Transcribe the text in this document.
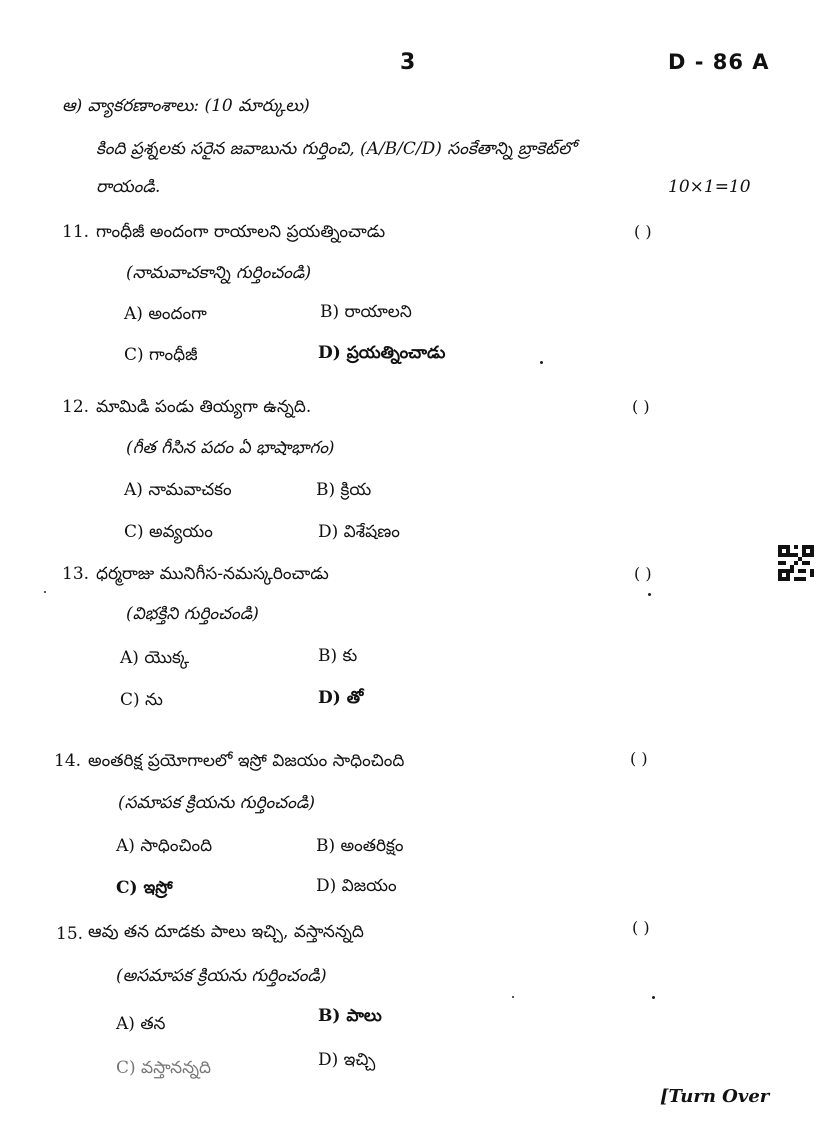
3	D - 86 A
ఆ) వ్యాకరణాంశాలు: (10 మార్కులు)
కింది ప్రశ్నలకు సరైన జవాబును గుర్తించి, (A/B/C/D) సంకేతాన్ని బ్రాకెట్‌లో
రాయండి.	10×1=10
11. గాంధీజీ అందంగా రాయాలని ప్రయత్నించాడు	( )
(నామవాచకాన్ని గుర్తించండి)
A) అందంగా	B) రాయాలని
C) గాంధీజీ	D) ప్రయత్నించాడు
12. మామిడి పండు తియ్యగా ఉన్నది.	( )
(గీత గీసిన పదం ఏ భాషాభాగం)
A) నామవాచకం	B) క్రియ
C) అవ్యయం	D) విశేషణం
13. ధర్మరాజు మునిగీస-నమస్కరించాడు	( )
(విభక్తిని గుర్తించండి)
A) యొక్క	B) కు
C) ను	D) తో
14. అంతరిక్ష ప్రయోగాలలో ఇస్రో విజయం సాధించింది	( )
(సమాపక క్రియను గుర్తించండి)
A) సాధించింది	B) అంతరిక్షం
C) ఇస్రో	D) విజయం
15. ఆవు తన దూడకు పాలు ఇచ్చి, వస్తానన్నది	( )
(అసమాపక క్రియను గుర్తించండి)
A) తన	B) పాలు
C) వస్తానన్నది	D) ఇచ్చి
[Turn Over
